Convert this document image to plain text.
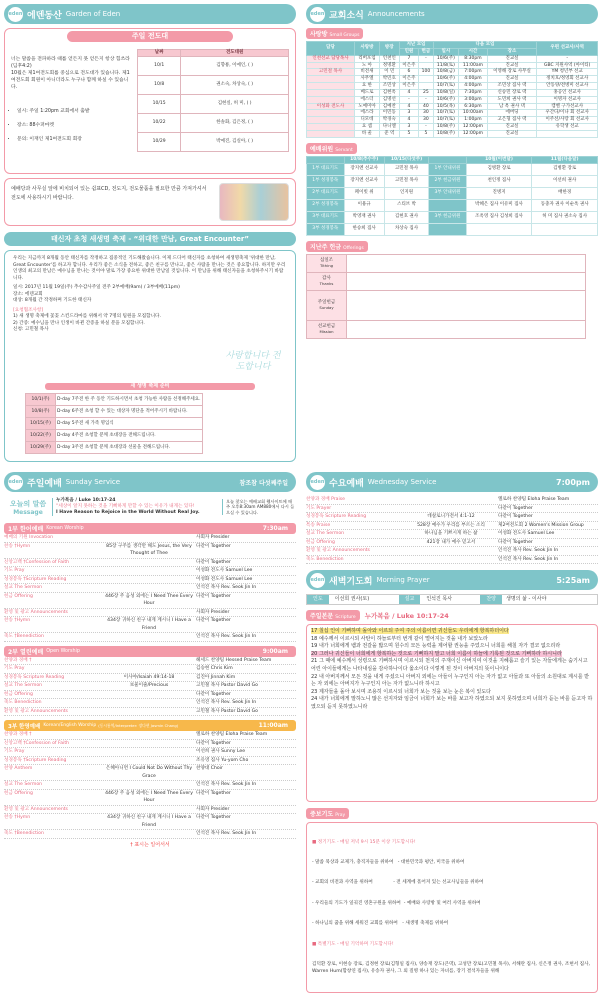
eden 에덴동산 Garden of Eden
주일 전도대

너는 말씀을 전파하라 때를 얻든지 못 얻든지 항상 힘쓰라(딤후4:2)
10월은 제1여전도회를 중심으로 전도대가 있습니다. 제1여전도회 회원이 아니더라도 누구나 함께 하실 수 있습니다.

• 일시: 주일 1:20pm 교회에서 출발

• 장소: 88수퍼마켓

• 문의: 이재인 제1여전도회 회장

날짜	전도대원
10/1	김향룡, 이예인, ( )
10/8	권소숙, 차상숙, ( )
10/15	김현실, 허 미, ( )
10/22	한솔화, 김은정, ( )
10/29	박예진, 김실아, ( )
예배당과 사무실 앞에 비치되어 있는 쉼표CD, 전도지, 전도물품을 필요한 만큼 가져가셔서 전도에 사용하시기 바랍니다.
태신자 초청 새생명 축제 - “위대한 만남, Great Encounter”
우리는 지금까지 8개월 동안 태신자를 작정하고 집중적인 기도해왔습니다. 이제 드디어 태신자를 초청하여 새생명축제 '위대한 만남, Great Encounter'를 하고자 합니다. 우리가 좋은 소식을 전하고, 좋은 친구를 만나고, 좋은 사람을 만나는 것은 중요합니다. 하지만 우리 인생의 최고의 만남은 예수님을 만나는 것이야 말로 가장 중요한 위대한 만남일 것입니다. 이 만남을 위해 태신자들을 초청하주시기 바랍니다.
일시: 2017년 11월 19일(주) 추수감사주일 전주 2부예배(9am) / 3부예배(11pm)
장소: 에덴교회
대상: 8개월 간 작정하며 기도한 태신자
[요청협조사항]
1) 새 생명 축제에 꽃꽂 스킨드라마를 위해서 약 7명의 팀원을 모집합니다.
2) 간증: 예수님을 만나 인생이 바뀐 간증을 하실 분을 모집합니다.
신청: 고민철 목사
사랑합니다 전도합니다
새 생명 축제 준비
10/1(주)	D-day 7주전 한 주 동안 기도하시면서 초청 가능한 사람을 선정해주세요.
10/8(주)	D-day 6주전 초청 할 수 있는 대상자 명단을 적어주시기 바랍니다.
10/15(주)	D-day 5주전 새 가족 명입식
10/22(주)	D-day 4주전 초청할 분께 초대장을 전해드립니다.
10/29(주)	D-day 3주전 초청할 분께 초대장과 선물을 전해드립니다.
eden 교회소식 Announcements
사랑방 Small Groups
담당	사랑방	방장	지난 모임		다음 모임			우편 선교사/사역
			인원	헌금	일시	시간	장소	
인천선교 담당목사	리버포임	인천인	7	-	10/6(주)	8:30pm	진교실	-
	노 아	정명환	이은주		11/8(토)	11:00am	진교실	GBC 지원사역 (아이티)
고민철 목사	비전새	이 민	6	100	10/8(금)	7:00pm	이영해 장로 사무실	YM 청년부 선교
	사무엘	박민호	이은주		10/6(주)	4:00pm	진교실	정치호/정영회 선교사
	요 한	조민상	이은주		10/7(토)	4:00pm	조민상 집사 댁	안동양/전병미 선교사
	베드로	김현옥	4	25	10/8(일)	7:30pm	신승민 장로 댁	홍공인 선교사
	에스더	김명선	-	-	10/6(주)	3:00pm	도민희 권사 댁	이명자 선교사
이성화 전도사	노예미아	김예찬	4	40	10/5(목)	6:30pm	남 옥 권사 댁	캠벨 구가선교사
	에스라	이민동	3	30	10/7(토)	10:00am	에버딩	우간다/이나 회 선교사
	디모데	박경숙	4	30	10/7(토)	1:00pm	고은형 집사 댁	이주선/사랑 회 선교사
	요 셉	다니엘	3	-	10/8(주)	12:00pm	진교실	유학생 선교
	바 울	준 역	5	5	10/8(주)	12:00pm	진교실	
예배위원 Servant
	10/8(추수주)	10/15(다섯주)		10월(이번달)	11월(다음달)
1부 대표기도	장지엔 선교사	고민철 목사	1부 안내위원	김병환 장로	김병환 장로
1부 성경봉독	장지엔 선교사	고민철 목사	2부 헌금위원	천인정 집사	이선희 권사
2부 대표기도	페이빗 위	인지원	3부 안내위원	진병지	배한경
2부 성경봉독	이용규	스티브 박		박혜은 집사 이유미 집사	동충자 권사 이순옥 권사
3부 대표기도	박영재 권사	김현호 권사	3부 헌금위원	조옥영 집사 김성희 집사	허 미 집사 권소숙 집사
3부 성경봉독	한승희 집사	차상숙 집사			
지난주 헌금 Offerings
십일조
Tithing	

감사
Thanks	

주일헌금
Sunday	

선교헌금
Mission	

eden 주일예배 Sunday Service	참조참 다섯째주일
오늘의 말씀
Message
누가복음 / Luke 10:17-24
“세상이 알지 못하는 것을 기뻐하게 만할 수 있는 이유가 내게는 있다!
I Have Reason to Rejoice in the World Without Real Joy.
오늘 찾오는 예배교회 웹사이트에 매주 오후8:30am AM880에서 다시 들으실 수 있습니다.
1부 한어예배 Korean Worship	7:30am
예배의 기원 Invocation	사회자 Presider
찬송 †Hymn	85장 구주를 생각만 해도 Jesus, the Very Thought of Thee
다같이 Together
신앙고백 †Confession of Faith	다같이 Together
기도 Pray	이성화 전도사 Samuel Lee
성경봉독 †Scripture Reading	이성화 전도사 Samuel Lee
설교 The Sermon	인석진 목사 Rev. Seok Jin In
헌금 Offering	446장 주 음성 외에는 I Need Thee Every Hour
다같이 Together
환영 및 광고 Announcements	사회자 Presider
찬송 †Hymn	434장 귀하신 친구 내게 계시니 I Have a Friend
다같이 Together
축도 †Benediction	인석진 목사 Rev. Seok Jin In
2부 열린예배 Open Worship	9:00am
찬양과 경배 †	헤세드 찬양팀 Hessed Praise Team
기도 Pray	김승현 Chris Kim
성경봉독 Scripture Reading	이사야/Isaiah 49:14-18	김진아 Jinnah Kim
설교 The Sermon	보물이줄/Precious	고민철 목사 Pastor David Go
헌금 Offering	다같이 Together
축도 Benediction	인석진 목사 Rev. Seok Jin In
환영 및 광고 Announcements	고민철 목사 Pastor David Go
3부 한영예배 Korean/English Worship (동시통역/Interpreter: 장다현 Jasmin Chang)	11:00am
찬양과 경배 †	엘로하 찬양팀 Eloha Praise Team
신앙고백 †Confession of Faith	다같이 Together
기도 Pray	이선희 권사 Sunny Lee
성경봉독 †Scripture Reading	조유영 집사 Yu-yom Cho
찬양 Anthem	은혜아니면 I Could Not Do Without Thy Grace
찬양대 Choir
설교 The Sermon	인석진 목사 Rev. Seok Jin In
헌금 Offering	446장 주 음성 외에는 I Need Thee Every Hour
다같이 Together
환영 및 광고 Announcements	사회자 Presider
찬송 †Hymn	434장 귀하신 친구 내게 계시니 I Have a Friend
다같이 Together
축도 †Benediction	인석진 목사 Rev. Seok Jin In
† 표시는 일어서서
eden 수요예배 Wednesday Service	7:00pm
찬양과 경배 Praise	엘로하 찬양팀 Eloha Praise Team
기도 Prayer	다같이 Together
성경봉독 Scripture Reading	데살로니가전서 4:1-12	다같이 Together
특송 Praise	528장 예수가 우리를 부르는 소리	제2여전도회 2 Women's Mission Group
설교 The Sermon	하나님을 기쁘시게 하는 삶	이성화 전도사 Samuel Lee
헌금 Offering	421장 내가 예수 믿고서	다같이 Together
환영 및 광고 Announcements	인석진 목사 Rev. Seok Jin In
축도 Benediction	인석진 목사 Rev. Seok Jin In
eden 새벽기도회 Morning Prayer	5:25am
인도	이선희 권사(토)	설교	인석진 목사	찬양	생명의 삶 - 이사야
주일본문 Scripture	누가복음 / Luke 10:17-24
17 칠십 인이 기뻐하며 돌아와 이르되 주여 주의 이름이면 귀신들도 우리에게 항복하더이다
18 예수께서 이르시되 사탄이 하늘로부터 번개 같이 떨어지는 것을 내가 보았노라
19 내가 너희에게 뱀과 전갈을 밟으며 원수의 모든 능력을 제어할 권능을 주었으니 너희를 해칠 자가 결코 없으리라
20 그러나 귀신들이 너희에게 항복하는 것으로 기뻐하지 말고 너희 이름이 하늘에 기록된 것으로 기뻐하라 하시니라
21 그 때에 예수께서 성령으로 기뻐하시며 이르시되 천지의 주재이신 아버지여 이것을 지혜롭고 슬기 있는 자들에게는 숨기시고 어린 아이들에게는 나타내심을 감사하나이다 옳소이다 이렇게 된 것이 아버지의 뜻이니이다
22 내 아버지께서 모든 것을 내게 주셨으니 아버지 외에는 아들이 누구인지 아는 자가 없고 아들과 또 아들의 소원대로 계시를 받는 자 외에는 아버지가 누구인지 아는 자가 없느니라 하시고
23 제자들을 돌아 보시며 조용히 이르시되 너희가 보는 것을 보는 눈은 복이 있도다
24 내가 너희에게 말하노니 많은 선지자와 임금이 너희가 보는 바를 보고자 하였으되 보지 못하였으며 너희가 듣는 바를 듣고자 하였으되 듣지 못하였느니라
중보기도 Pray

■ 정기기도 - 매일 저녁 9시 15분 이상 기도합시다!

- 말씀 묵상과 교제가, 충직자들을 위하여   - 대한민국과 평안, 미국을 위하여

- 교회의 비전과 사역을 위하여              - 전 세계에 흩어져 있는 선교사님들을 위하여

- 우리들의 기도가 일궈진 영혼구원을 위하여  - 예배와 사랑방 및 여러 사역을 위하여

- 하나님의 꿈을 위해 세워진 교회를 위하여   - 새생명 축제를 위하여

■ 특별기도 - 매일 기억하며 기도합시다!

김덕환 장로, 이현승 장로, 김정현 장로(김형일 집사), 양송재 장도(큰댁), 고성만 장로(고민철 목사), 서해란 집사, 신은정 권사, 조현서 집사, Warren Hum(함창연 집사), 유송자 권사, 그 외 질병 하나 있는 자녀를, 장기 결석자들을 위해
